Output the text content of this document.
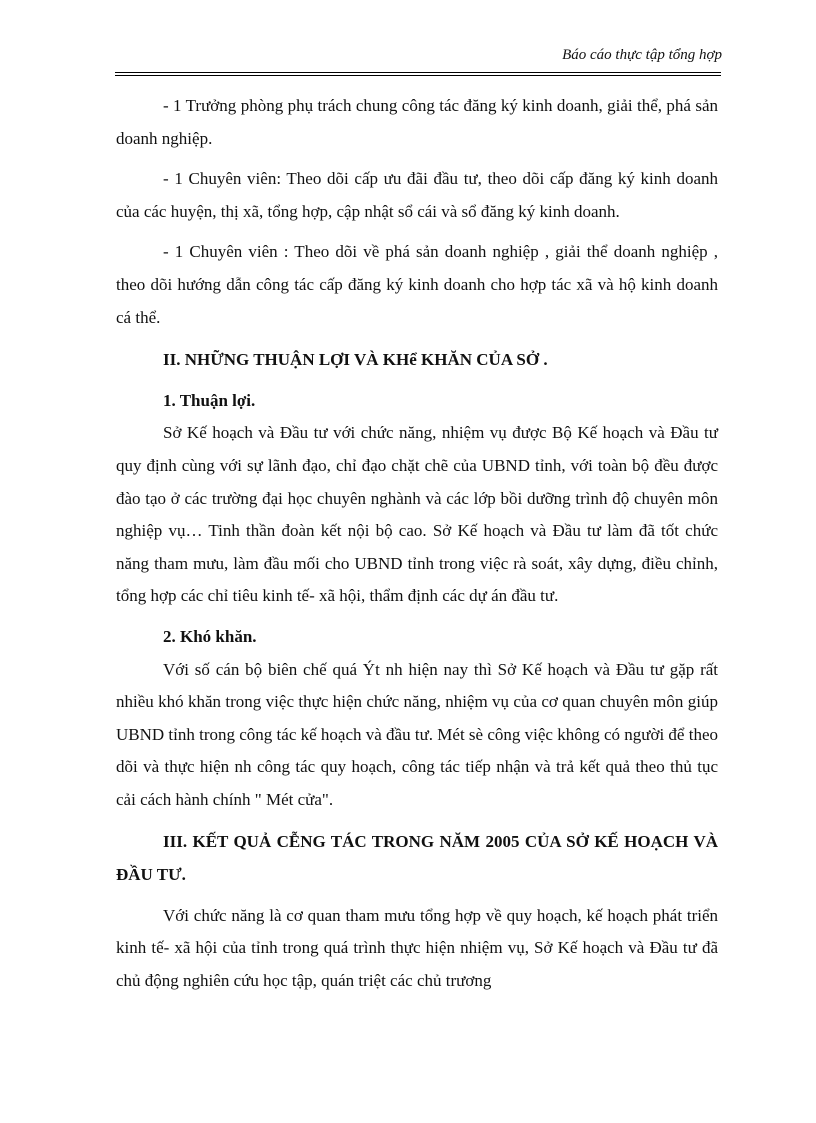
Báo cáo thực tập tổng hợp

- 1 Trưởng phòng phụ trách chung công tác đăng ký kinh doanh, giải thể, phá sản doanh nghiệp.

- 1 Chuyên viên: Theo dõi cấp ưu đãi đầu tư, theo dõi cấp đăng ký kinh doanh của các huyện, thị xã, tổng hợp, cập nhật sổ cái và sổ đăng ký kinh doanh.

- 1 Chuyên viên : Theo dõi về phá sản doanh nghiệp , giải thể doanh nghiệp , theo dõi hướng dẫn công tác cấp đăng ký kinh doanh cho hợp tác xã và hộ kinh doanh cá thể.

II. NHỮNG THUẬN LỢI VÀ KHể KHĂN CỦA SỞ .
1. Thuận lợi.

Sở Kế hoạch và Đầu tư với chức năng, nhiệm vụ được Bộ Kế hoạch và Đầu tư quy định cùng với sự lãnh đạo, chỉ đạo chặt chẽ của UBND tỉnh, với toàn bộ đều được đào tạo ở các trường đại học chuyên nghành và các lớp bồi dưỡng trình độ chuyên môn nghiệp vụ… Tinh thần đoàn kết nội bộ cao. Sở Kế hoạch và Đầu tư làm đã tốt chức năng tham mưu, làm đầu mối cho UBND tỉnh trong việc rà soát, xây dựng, điều chỉnh, tổng hợp các chỉ tiêu kinh tế- xã hội, thẩm định các dự án đầu tư.

2. Khó khăn.

Với số cán bộ biên chế quá Ýt nh hiện nay thì Sở Kế hoạch và Đầu tư gặp rất nhiều khó khăn trong việc thực hiện chức năng, nhiệm vụ của cơ quan chuyên môn giúp UBND tỉnh trong công tác kế hoạch và đầu tư. Mét sè công việc không có người để theo dõi và thực hiện nh công tác quy hoạch, công tác tiếp nhận và trả kết quả theo thủ tục cải cách hành chính " Mét cửa".

III. KẾT QUẢ CỄNG TÁC TRONG NĂM 2005 CỦA SỞ KẾ HOẠCH VÀ ĐẦU TƯ.

Với chức năng là cơ quan tham mưu tổng hợp về quy hoạch, kế hoạch phát triển kinh tế- xã hội của tỉnh trong quá trình thực hiện nhiệm vụ, Sở Kế hoạch và Đầu tư đã chủ động nghiên cứu học tập, quán triệt các chủ trương
